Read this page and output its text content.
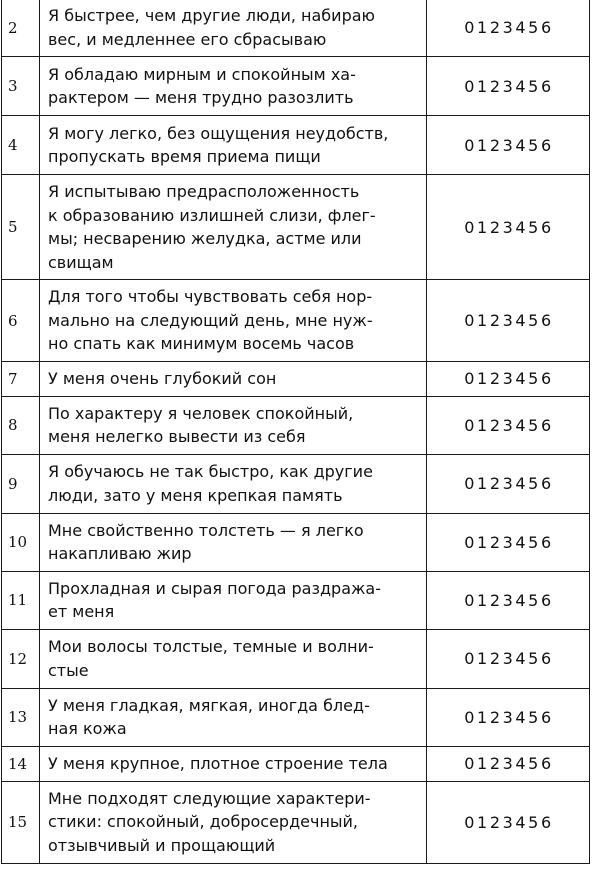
2	Я быстрее, чем другие люди, набираю
вес, и медленнее его сбрасываю	0123456
3	Я обладаю мирным и спокойным ха-
рактером — меня трудно разозлить	0123456
4	Я могу легко, без ощущения неудобств,
пропускать время приема пищи	0123456
5	Я испытываю предрасположенность
к образованию излишней слизи, флег-
мы; несварению желудка, астме или
свищам	0123456
6	Для того чтобы чувствовать себя нор-
мально на следующий день, мне нуж-
но спать как минимум восемь часов	0123456
7	У меня очень глубокий сон	0123456
8	По характеру я человек спокойный,
меня нелегко вывести из себя	0123456
9	Я обучаюсь не так быстро, как другие
люди, зато у меня крепкая память	0123456
10	Мне свойственно толстеть — я легко
накапливаю жир	0123456
11	Прохладная и сырая погода раздража-
ет меня	0123456
12	Мои волосы толстые, темные и волни-
стые	0123456
13	У меня гладкая, мягкая, иногда блед-
ная кожа	0123456
14	У меня крупное, плотное строение тела	0123456
15	Мне подходят следующие характери-
стики: спокойный, добросердечный,
отзывчивый и прощающий	0123456
